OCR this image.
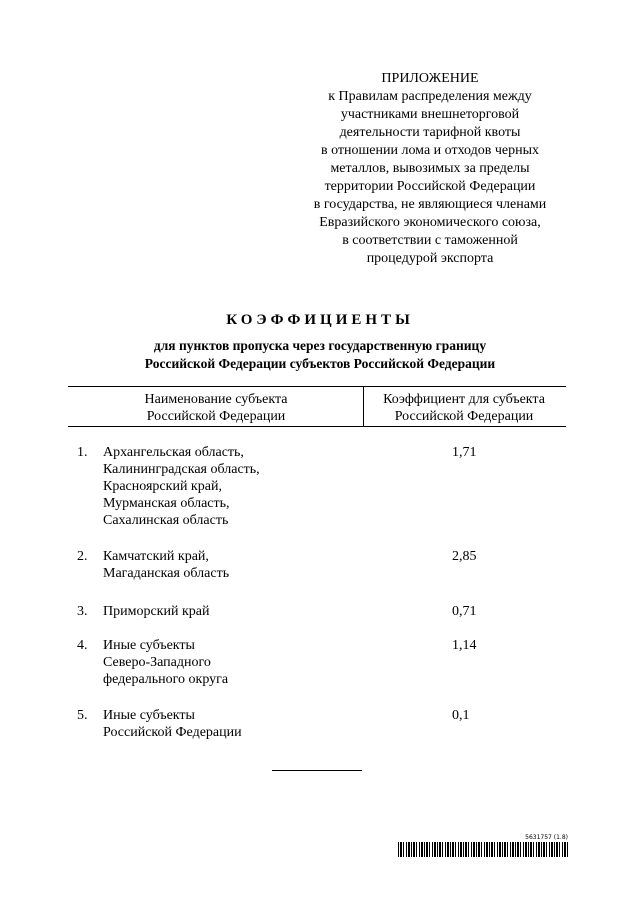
ПРИЛОЖЕНИЕ
к Правилам распределения между
участниками внешнеторговой
деятельности тарифной квоты
в отношении лома и отходов черных
металлов, вывозимых за пределы
территории Российской Федерации
в государства, не являющиеся членами
Евразийского экономического союза,
в соответствии с таможенной
процедурой экспорта
КОЭФФИЦИЕНТЫ
для пунктов пропуска через государственную границу
Российской Федерации субъектов Российской Федерации
Наименование субъекта
Российской Федерации
Коэффициент для субъекта
Российской Федерации
1. Архангельская область,
Калининградская область,
Красноярский край,
Мурманская область,
Сахалинская область
1,71
2. Камчатский край,
Магаданская область
2,85
3. Приморский край	0,71
4. Иные субъекты
Северо-Западного
федерального округа
1,14
5. Иные субъекты
Российской Федерации
0,1
5631757 (1.8)
